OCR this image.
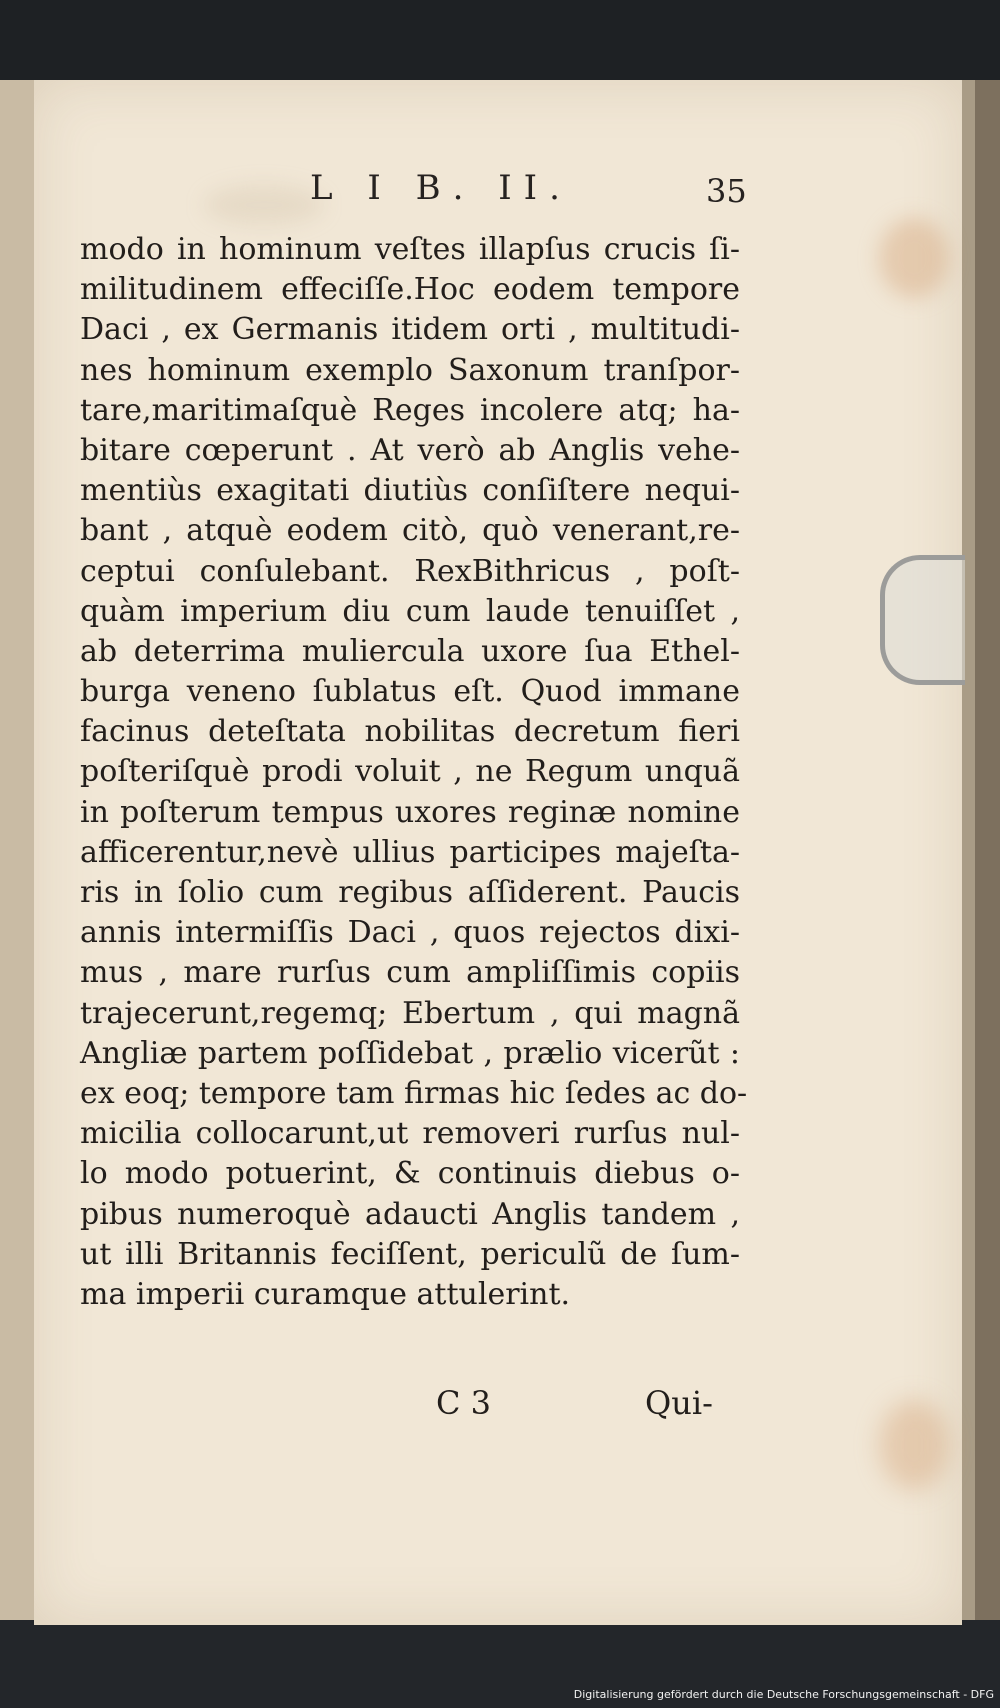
L I B. II.	35
modo in hominum veſtes illapſus crucis ſi-
militudinem effeciſſe.Hoc eodem tempore
Daci , ex Germanis itidem orti , multitudi-
nes hominum exemplo Saxonum tranſpor-
tare,maritimaſquè Reges incolere atq; ha-
bitare cœperunt . At verò ab Anglis vehe-
mentiùs exagitati diutiùs conſiſtere nequi-
bant , atquè eodem citò, quò venerant,re-
ceptui conſulebant. RexBithricus , poſt-
quàm imperium diu cum laude tenuiſſet ,
ab deterrima muliercula uxore ſua Ethel-
burga veneno ſublatus eſt. Quod immane
facinus deteſtata nobilitas decretum fieri
poſteriſquè prodi voluit , ne Regum unquã
in poſterum tempus uxores reginæ nomine
afficerentur,nevè ullius participes majeſta-
ris in ſolio cum regibus aſſiderent. Paucis
annis intermiſſis Daci , quos rejectos dixi-
mus , mare rurſus cum ampliſſimis copiis
trajecerunt,regemq; Ebertum , qui magnã
Angliæ partem poſſidebat , prælio vicerũt :
ex eoq; tempore tam firmas hic ſedes ac do-
micilia collocarunt,ut removeri rurſus nul-
lo modo potuerint, & continuis diebus o-
pibus numeroquè adaucti Anglis tandem ,
ut illi Britannis feciſſent, periculũ de ſum-
ma imperii curamque attulerint.
C 3	Qui-
Digitalisierung gefördert durch die Deutsche Forschungsgemeinschaft - DFG
